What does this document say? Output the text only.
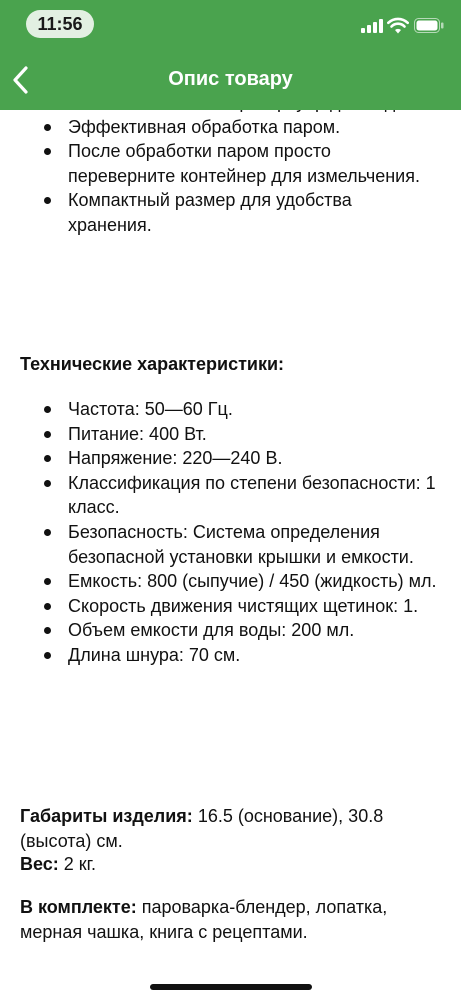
11:56
Опис товару
Эффективная обработка паром.
После обработки паром просто переверните контейнер для измельчения.
Компактный размер для удобства хранения.
Технические характеристики:
Частота: 50—60 Гц.
Питание: 400 Вт.
Напряжение: 220—240 В.
Классификация по степени безопасности: 1 класс.
Безопасность: Система определения безопасной установки крышки и емкости.
Емкость: 800 (сыпучие) / 450 (жидкость) мл.
Скорость движения чистящих щетинок: 1.
Объем емкости для воды: 200 мл.
Длина шнура: 70 см.
Габариты изделия: 16.5 (основание), 30.8 (высота) см.
Вес: 2 кг.
В комплекте: пароварка-блендер, лопатка, мерная чашка, книга с рецептами.
